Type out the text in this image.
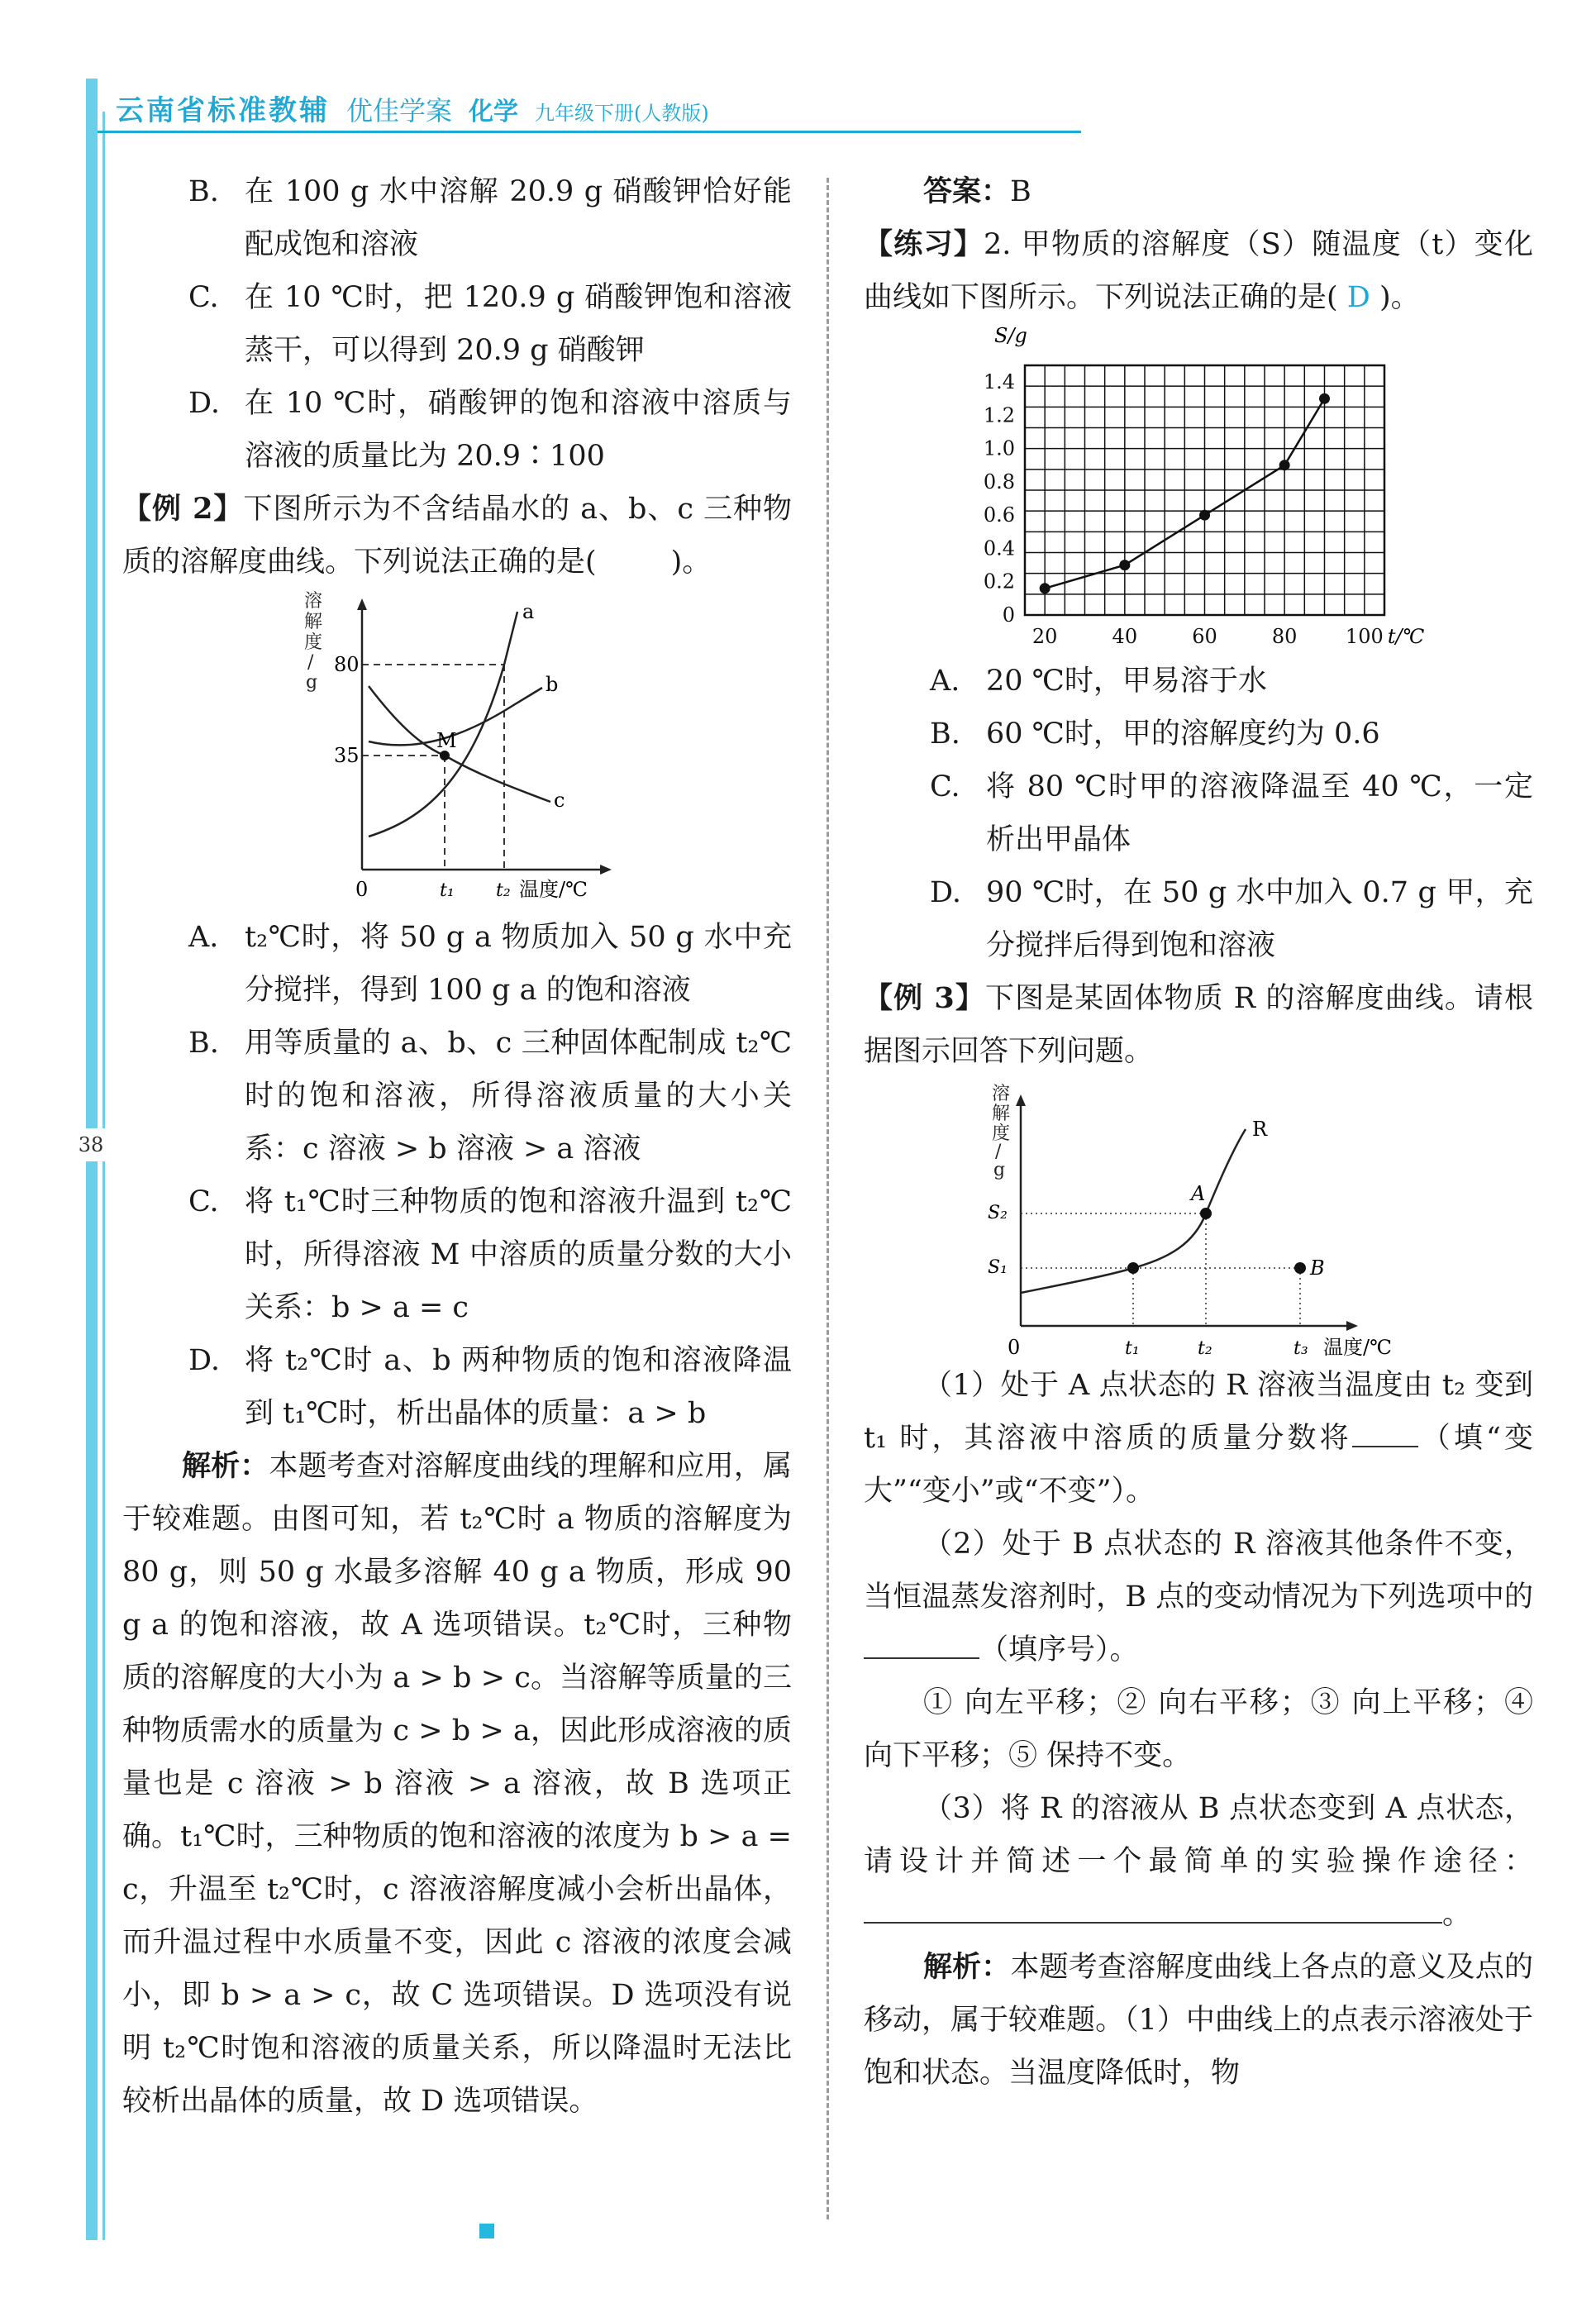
38
云南省标准教辅 优佳学案 化学 九年级下册(人教版)

B. 在 100 g 水中溶解 20.9 g 硝酸钾恰好能配成饱和溶液

C. 在 10 ℃时，把 120.9 g 硝酸钾饱和溶液蒸干，可以得到 20.9 g 硝酸钾

D. 在 10 ℃时，硝酸钾的饱和溶液中溶质与溶液的质量比为 20.9∶100

【例 2】下图所示为不含结晶水的 a、b、c 三种物质的溶解度曲线。下列说法正确的是(	)。

溶
解
度
/
g
0	温度/℃
80
35
t₁ t₂
M
a
b
c

A. t₂℃时，将 50 g a 物质加入 50 g 水中充分搅拌，得到 100 g a 的饱和溶液

B. 用等质量的 a、b、c 三种固体配制成 t₂℃时的饱和溶液，所得溶液质量的大小关系：c 溶液 > b 溶液 > a 溶液

C. 将 t₁℃时三种物质的饱和溶液升温到 t₂℃时，所得溶液 M 中溶质的质量分数的大小关系：b > a = c

D. 将 t₂℃时 a、b 两种物质的饱和溶液降温到 t₁℃时，析出晶体的质量：a > b

解析：本题考查对溶解度曲线的理解和应用，属于较难题。由图可知，若 t₂℃时 a 物质的溶解度为 80 g，则 50 g 水最多溶解 40 g a 物质，形成 90 g a 的饱和溶液，故 A 选项错误。t₂℃时，三种物质的溶解度的大小为 a > b > c。当溶解等质量的三种物质需水的质量为 c > b > a，因此形成溶液的质量也是 c 溶液 > b 溶液 > a 溶液，故 B 选项正确。t₁℃时，三种物质的饱和溶液的浓度为 b > a = c，升温至 t₂℃时，c 溶液溶解度减小会析出晶体，而升温过程中水质量不变，因此 c 溶液的浓度会减小，即 b > a > c，故 C 选项错误。D 选项没有说明 t₂℃时饱和溶液的质量关系，所以降温时无法比较析出晶体的质量，故 D 选项错误。

答案：B

【练习】2. 甲物质的溶解度（S）随温度（t）变化曲线如下图所示。下列说法正确的是( D )。

0
0.2
0.4
0.6
0.8
1.0
1.2
1.4
20	40	60	80 100
S/g
t/℃

A. 20 ℃时，甲易溶于水

B. 60 ℃时，甲的溶解度约为 0.6

C. 将 80 ℃时甲的溶液降温至 40 ℃，一定析出甲晶体

D. 90 ℃时，在 50 g 水中加入 0.7 g 甲，充分搅拌后得到饱和溶液

【例 3】下图是某固体物质 R 的溶解度曲线。请根据图示回答下列问题。

溶
解
度
/
g
0	温度/℃
S₂
S₁
t₁	t₂	t₃
R
A
B

（1）处于 A 点状态的 R 溶液当温度由 t₂ 变到 t₁ 时，其溶液中溶质的质量分数将 （填“变大”“变小”或“不变”）。

（2）处于 B 点状态的 R 溶液其他条件不变，当恒温蒸发溶剂时，B 点的变动情况为下列选项中的（填序号）。

① 向左平移；② 向右平移；③ 向上平移；④ 向下平移；⑤ 保持不变。

（3）将 R 的溶液从 B 点状态变到 A 点状态，请设计并简述一个最简单的实验操作途径：。

解析：本题考查溶解度曲线上各点的意义及点的移动，属于较难题。（1）中曲线上的点表示溶液处于饱和状态。当温度降低时，物
